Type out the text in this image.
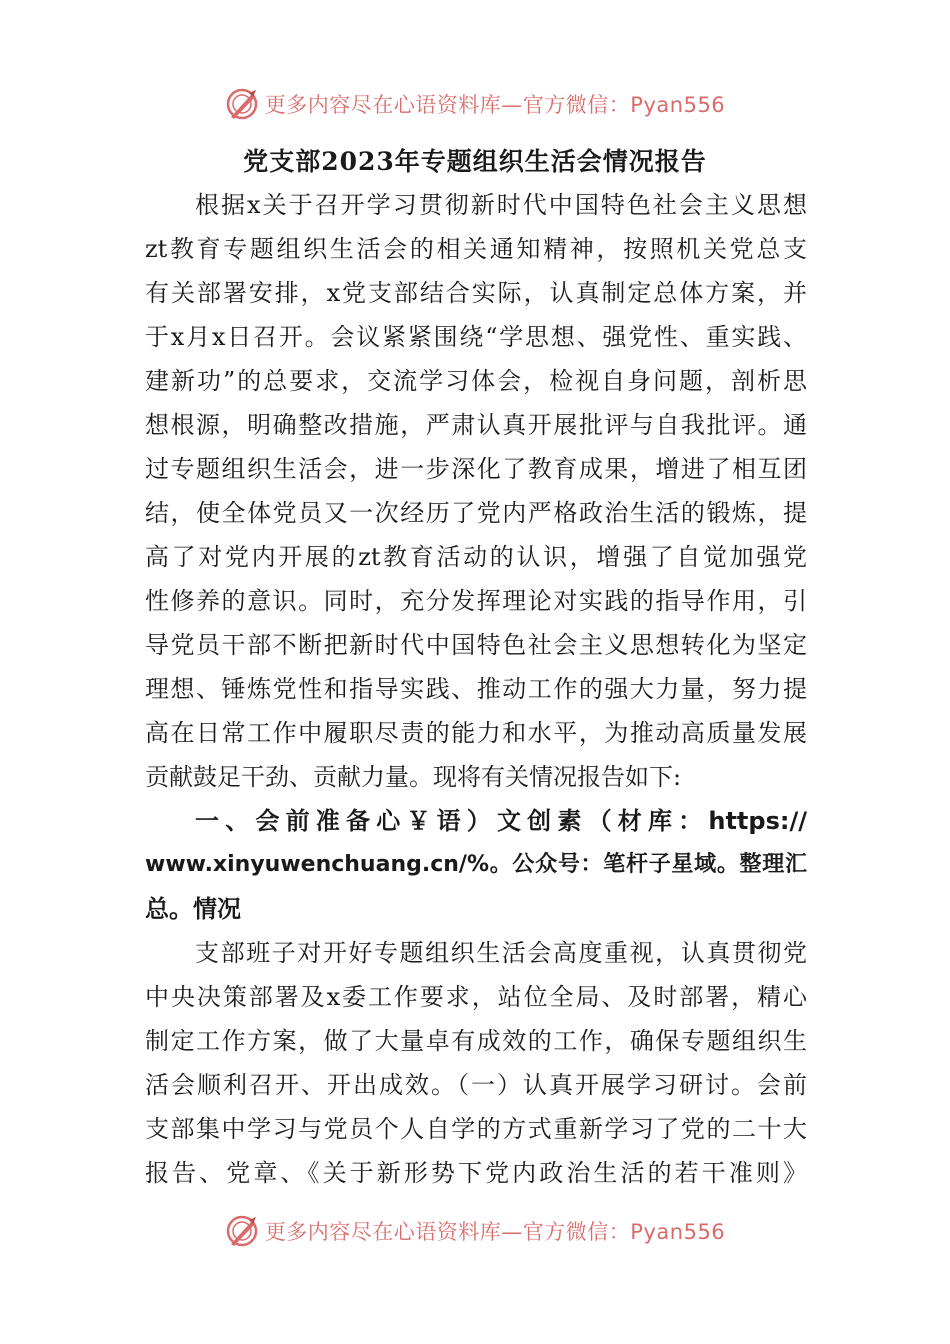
更多内容尽在心语资料库—官方微信：Pyan556
党支部2023年专题组织生活会情况报告
根据x关于召开学习贯彻新时代中国特色社会主义思想
zt教育专题组织生活会的相关通知精神，按照机关党总支
有关部署安排，x党支部结合实际，认真制定总体方案，并
于x月x日召开。会议紧紧围绕“学思想、强党性、重实践、
建新功”的总要求，交流学习体会，检视自身问题，剖析思
想根源，明确整改措施，严肃认真开展批评与自我批评。通
过专题组织生活会，进一步深化了教育成果，增进了相互团
结，使全体党员又一次经历了党内严格政治生活的锻炼，提
高了对党内开展的zt教育活动的认识，增强了自觉加强党
性修养的意识。同时，充分发挥理论对实践的指导作用，引
导党员干部不断把新时代中国特色社会主义思想转化为坚定
理想、锤炼党性和指导实践、推动工作的强大力量，努力提
高在日常工作中履职尽责的能力和水平，为推动高质量发展
贡献鼓足干劲、贡献力量。现将有关情况报告如下:
一、会前准备心￥语）文创素（材库：https://
www.xinyuwenchuang.cn/%。公众号：笔杆子星域。整理汇
总。情况
支部班子对开好专题组织生活会高度重视，认真贯彻党
中央决策部署及x委工作要求，站位全局、及时部署，精心
制定工作方案，做了大量卓有成效的工作，确保专题组织生
活会顺利召开、开出成效。（一）认真开展学习研讨。会前
支部集中学习与党员个人自学的方式重新学习了党的二十大
报告、党章、《关于新形势下党内政治生活的若干准则》
更多内容尽在心语资料库—官方微信：Pyan556
